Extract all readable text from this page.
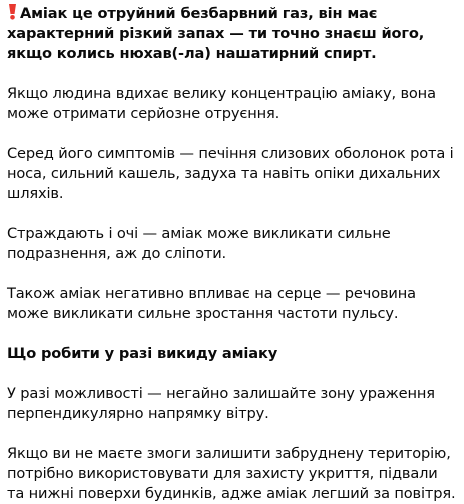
Аміак це отруйний безбарвний газ, він має характерний різкий запах — ти точно знаєш його, якщо колись нюхав(-ла) нашатирний спирт.
Якщо людина вдихає велику концентрацію аміаку, вона може отримати серйозне отруєння.
Серед його симптомів — печіння слизових оболонок рота і носа, сильний кашель, задуха та навіть опіки дихальних шляхів.
Страждають і очі — аміак може викликати сильне подразнення, аж до сліпоти.
Також аміак негативно впливає на серце — речовина може викликати сильне зростання частоти пульсу.
Що робити у разі викиду аміаку
У разі можливості — негайно залишайте зону ураження перпендикулярно напрямку вітру.
Якщо ви не маєте змоги залишити забруднену територію, потрібно використовувати для захисту укриття, підвали та нижні поверхи будинків, адже аміак легший за повітря.
